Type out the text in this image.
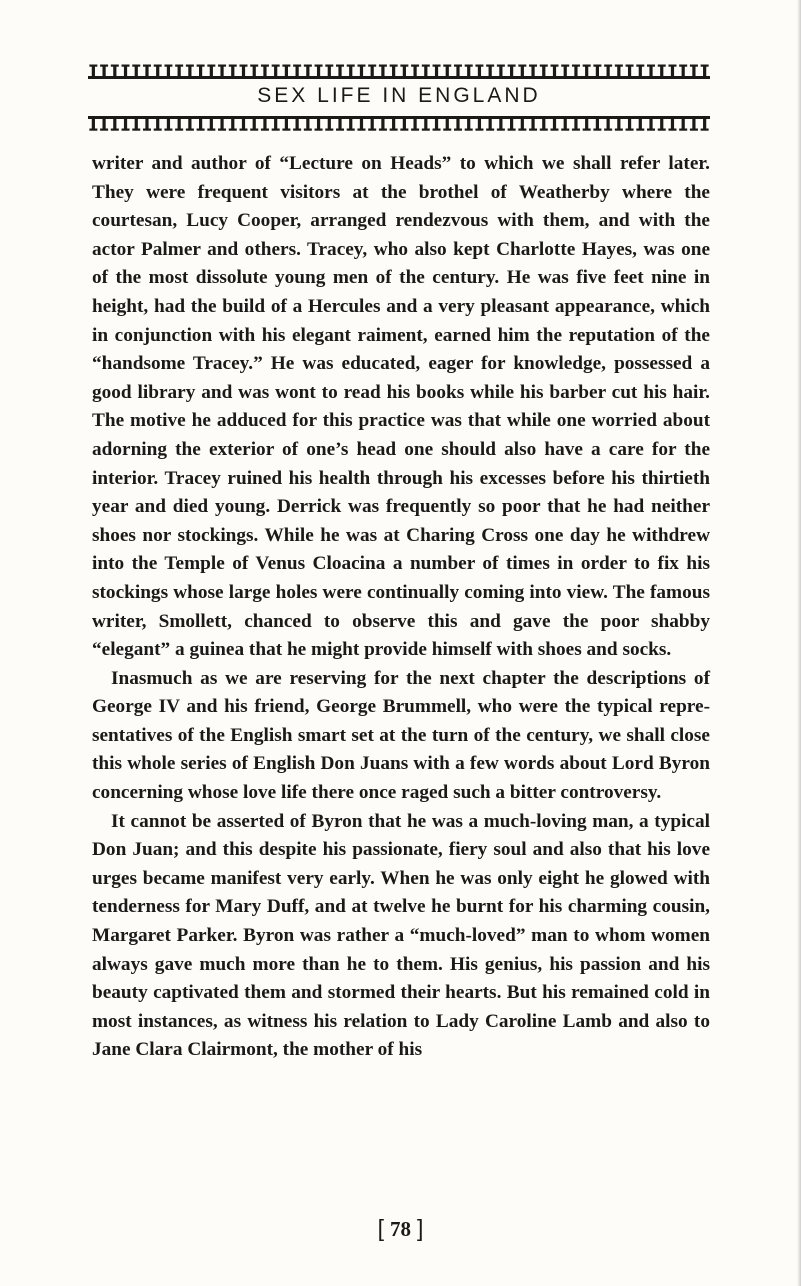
SEX LIFE IN ENGLAND

writer and author of “Lecture on Heads” to which we shall refer later. They were frequent visitors at the brothel of Weatherby where the courtesan, Lucy Cooper, arranged rendezvous with them, and with the actor Palmer and others. Tracey, who also kept Charlotte Hayes, was one of the most dissolute young men of the century. He was five feet nine in height, had the build of a Hercules and a very pleasant appearance, which in conjunction with his elegant raiment, earned him the reputation of the “handsome Tracey.” He was educated, eager for knowledge, possessed a good library and was wont to read his books while his barber cut his hair. The motive he adduced for this practice was that while one worried about adorning the exterior of one’s head one should also have a care for the interior. Tracey ruined his health through his excesses before his thirtieth year and died young. Derrick was frequently so poor that he had neither shoes nor stockings. While he was at Charing Cross one day he withdrew into the Temple of Venus Cloacina a number of times in order to fix his stockings whose large holes were continually coming into view. The famous writer, Smollett, chanced to observe this and gave the poor shabby “elegant” a guinea that he might provide himself with shoes and socks.

Inasmuch as we are reserving for the next chapter the descriptions of George IV and his friend, George Brummell, who were the typical representatives of the English smart set at the turn of the century, we shall close this whole series of English Don Juans with a few words about Lord Byron concerning whose love life there once raged such a bitter controversy.

It cannot be asserted of Byron that he was a much-loving man, a typical Don Juan; and this despite his passionate, fiery soul and also that his love urges became manifest very early. When he was only eight he glowed with tenderness for Mary Duff, and at twelve he burnt for his charming cousin, Margaret Parker. Byron was rather a “much-loved” man to whom women always gave much more than he to them. His genius, his passion and his beauty captivated them and stormed their hearts. But his remained cold in most instances, as witness his relation to Lady Caroline Lamb and also to Jane Clara Clairmont, the mother of his

[ 78 ]
